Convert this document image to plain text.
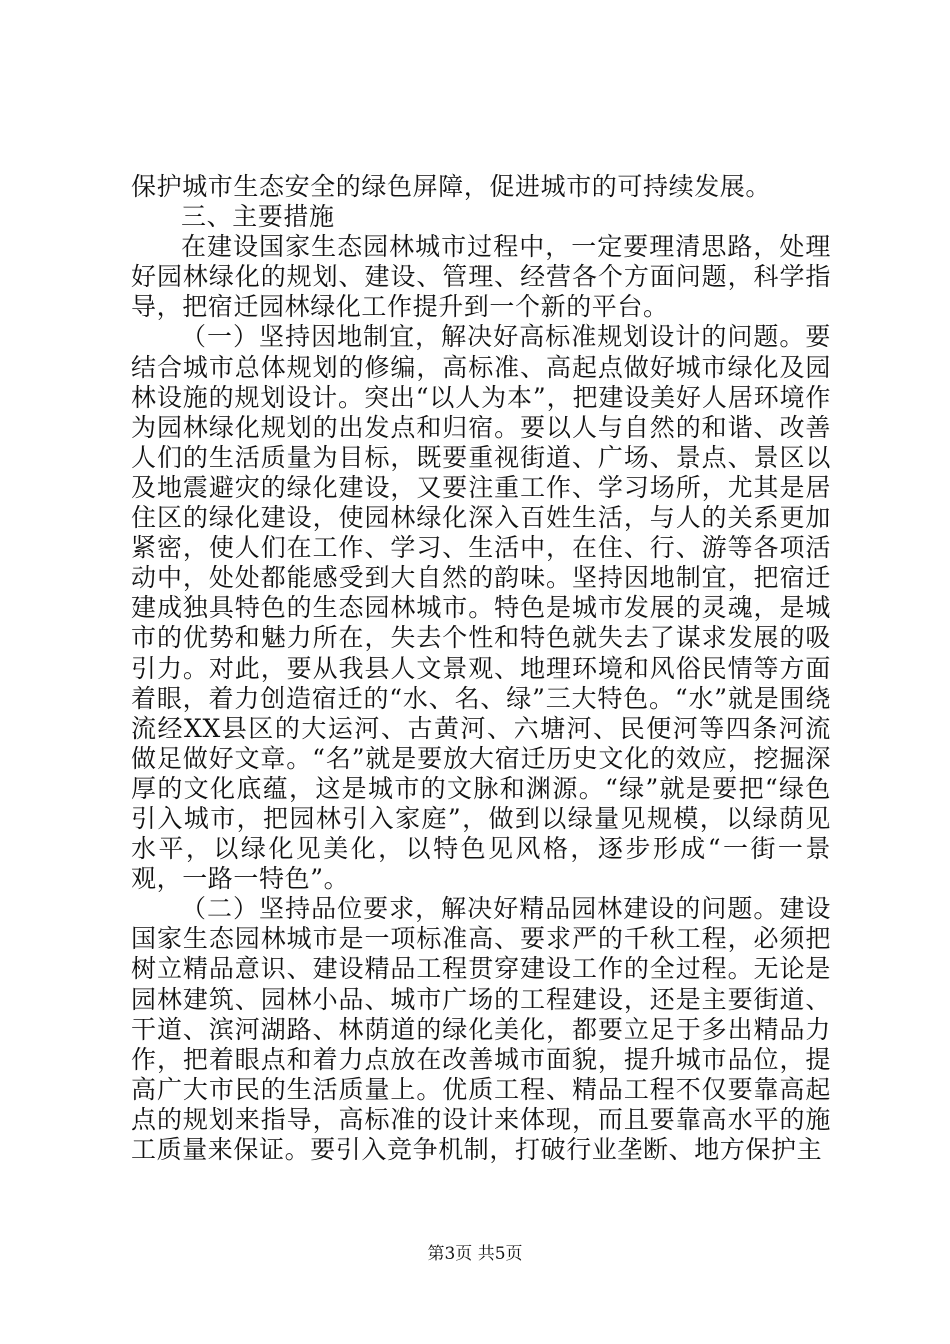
保护城市生态安全的绿色屏障，促进城市的可持续发展。

三、主要措施

在建设国家生态园林城市过程中，一定要理清思路，处理好园林绿化的规划、建设、管理、经营各个方面问题，科学指导，把宿迁园林绿化工作提升到一个新的平台。

（一）坚持因地制宜，解决好高标准规划设计的问题。要结合城市总体规划的修编，高标准、高起点做好城市绿化及园林设施的规划设计。突出“以人为本”，把建设美好人居环境作为园林绿化规划的出发点和归宿。要以人与自然的和谐、改善人们的生活质量为目标，既要重视街道、广场、景点、景区以及地震避灾的绿化建设，又要注重工作、学习场所，尤其是居住区的绿化建设，使园林绿化深入百姓生活，与人的关系更加紧密，使人们在工作、学习、生活中，在住、行、游等各项活动中，处处都能感受到大自然的韵味。坚持因地制宜，把宿迁建成独具特色的生态园林城市。特色是城市发展的灵魂，是城市的优势和魅力所在，失去个性和特色就失去了谋求发展的吸引力。对此，要从我县人文景观、地理环境和风俗民情等方面着眼，着力创造宿迁的“水、名、绿”三大特色。“水”就是围绕流经XX县区的大运河、古黄河、六塘河、民便河等四条河流做足做好文章。“名”就是要放大宿迁历史文化的效应，挖掘深厚的文化底蕴，这是城市的文脉和渊源。“绿”就是要把“绿色引入城市，把园林引入家庭”，做到以绿量见规模，以绿荫见水平，以绿化见美化，以特色见风格，逐步形成“一街一景观，一路一特色”。

（二）坚持品位要求，解决好精品园林建设的问题。建设国家生态园林城市是一项标准高、要求严的千秋工程，必须把树立精品意识、建设精品工程贯穿建设工作的全过程。无论是园林建筑、园林小品、城市广场的工程建设，还是主要街道、干道、滨河湖路、林荫道的绿化美化，都要立足于多出精品力作，把着眼点和着力点放在改善城市面貌，提升城市品位，提高广大市民的生活质量上。优质工程、精品工程不仅要靠高起点的规划来指导，高标准的设计来体现，而且要靠高水平的施工质量来保证。要引入竞争机制，打破行业垄断、地方保护主

第3页 共5页
